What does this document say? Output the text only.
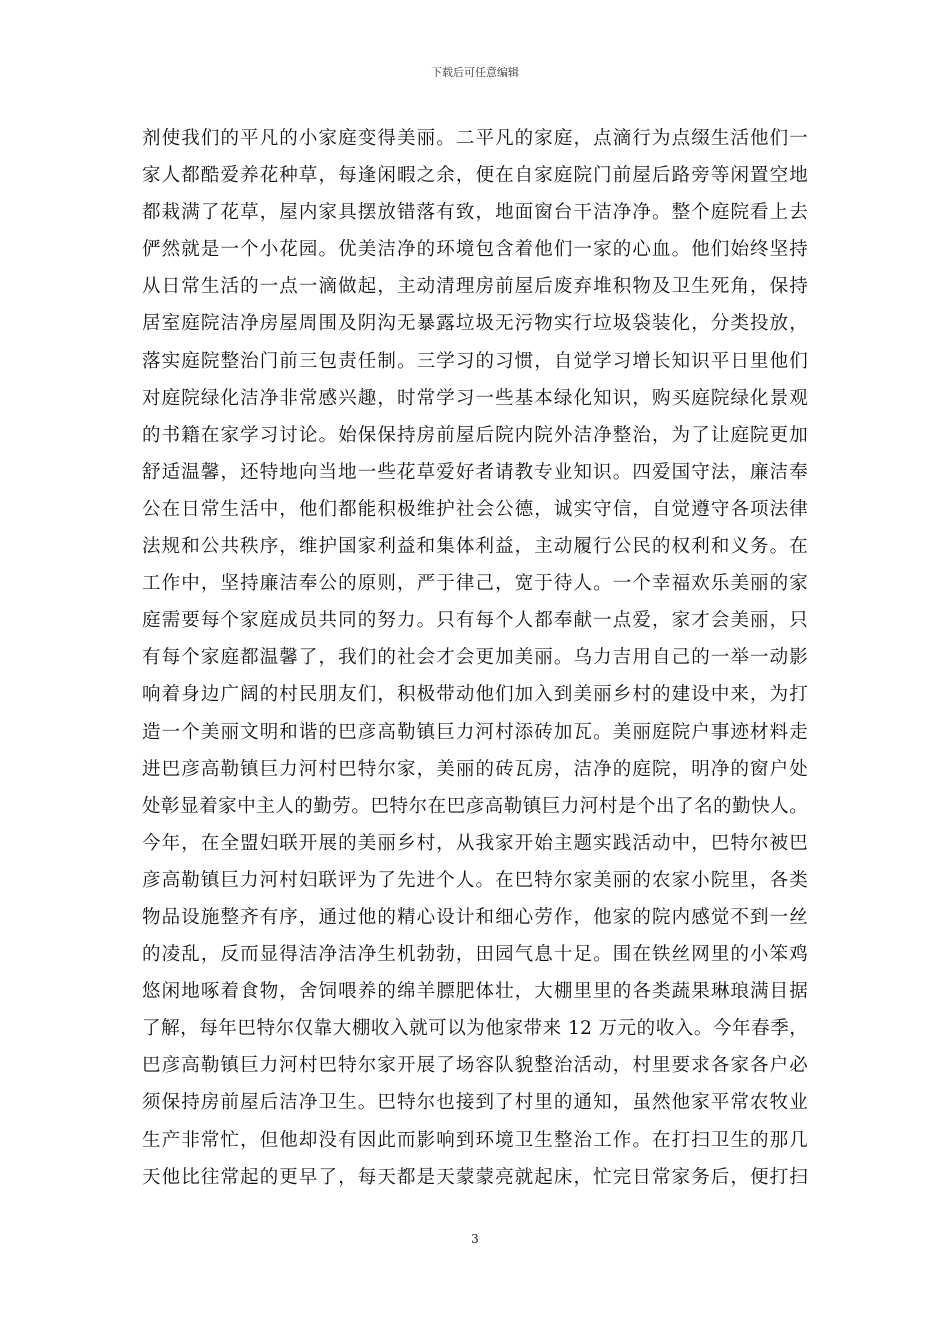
下载后可任意编辑
剂使我们的平凡的小家庭变得美丽。二平凡的家庭，点滴行为点缀生活他们一
家人都酷爱养花种草，每逢闲暇之余，便在自家庭院门前屋后路旁等闲置空地
都栽满了花草，屋内家具摆放错落有致，地面窗台干洁净净。整个庭院看上去
俨然就是一个小花园。优美洁净的环境包含着他们一家的心血。他们始终坚持
从日常生活的一点一滴做起，主动清理房前屋后废弃堆积物及卫生死角，保持
居室庭院洁净房屋周围及阴沟无暴露垃圾无污物实行垃圾袋装化，分类投放，
落实庭院整治门前三包责任制。三学习的习惯，自觉学习增长知识平日里他们
对庭院绿化洁净非常感兴趣，时常学习一些基本绿化知识，购买庭院绿化景观
的书籍在家学习讨论。始保保持房前屋后院内院外洁净整治，为了让庭院更加
舒适温馨，还特地向当地一些花草爱好者请教专业知识。四爱国守法，廉洁奉
公在日常生活中，他们都能积极维护社会公德，诚实守信，自觉遵守各项法律
法规和公共秩序，维护国家利益和集体利益，主动履行公民的权利和义务。在
工作中，坚持廉洁奉公的原则，严于律己，宽于待人。一个幸福欢乐美丽的家
庭需要每个家庭成员共同的努力。只有每个人都奉献一点爱，家才会美丽，只
有每个家庭都温馨了，我们的社会才会更加美丽。乌力吉用自己的一举一动影
响着身边广阔的村民朋友们，积极带动他们加入到美丽乡村的建设中来，为打
造一个美丽文明和谐的巴彦高勒镇巨力河村添砖加瓦。美丽庭院户事迹材料走
进巴彦高勒镇巨力河村巴特尔家，美丽的砖瓦房，洁净的庭院，明净的窗户处
处彰显着家中主人的勤劳。巴特尔在巴彦高勒镇巨力河村是个出了名的勤快人。
今年，在全盟妇联开展的美丽乡村，从我家开始主题实践活动中，巴特尔被巴
彦高勒镇巨力河村妇联评为了先进个人。在巴特尔家美丽的农家小院里，各类
物品设施整齐有序，通过他的精心设计和细心劳作，他家的院内感觉不到一丝
的凌乱，反而显得洁净洁净生机勃勃，田园气息十足。围在铁丝网里的小笨鸡
悠闲地啄着食物，舍饲喂养的绵羊膘肥体壮，大棚里里的各类蔬果琳琅满目据
了解，每年巴特尔仅靠大棚收入就可以为他家带来 12 万元的收入。今年春季，
巴彦高勒镇巨力河村巴特尔家开展了场容队貌整治活动，村里要求各家各户必
须保持房前屋后洁净卫生。巴特尔也接到了村里的通知，虽然他家平常农牧业
生产非常忙，但他却没有因此而影响到环境卫生整治工作。在打扫卫生的那几
天他比往常起的更早了，每天都是天蒙蒙亮就起床，忙完日常家务后，便打扫
3
